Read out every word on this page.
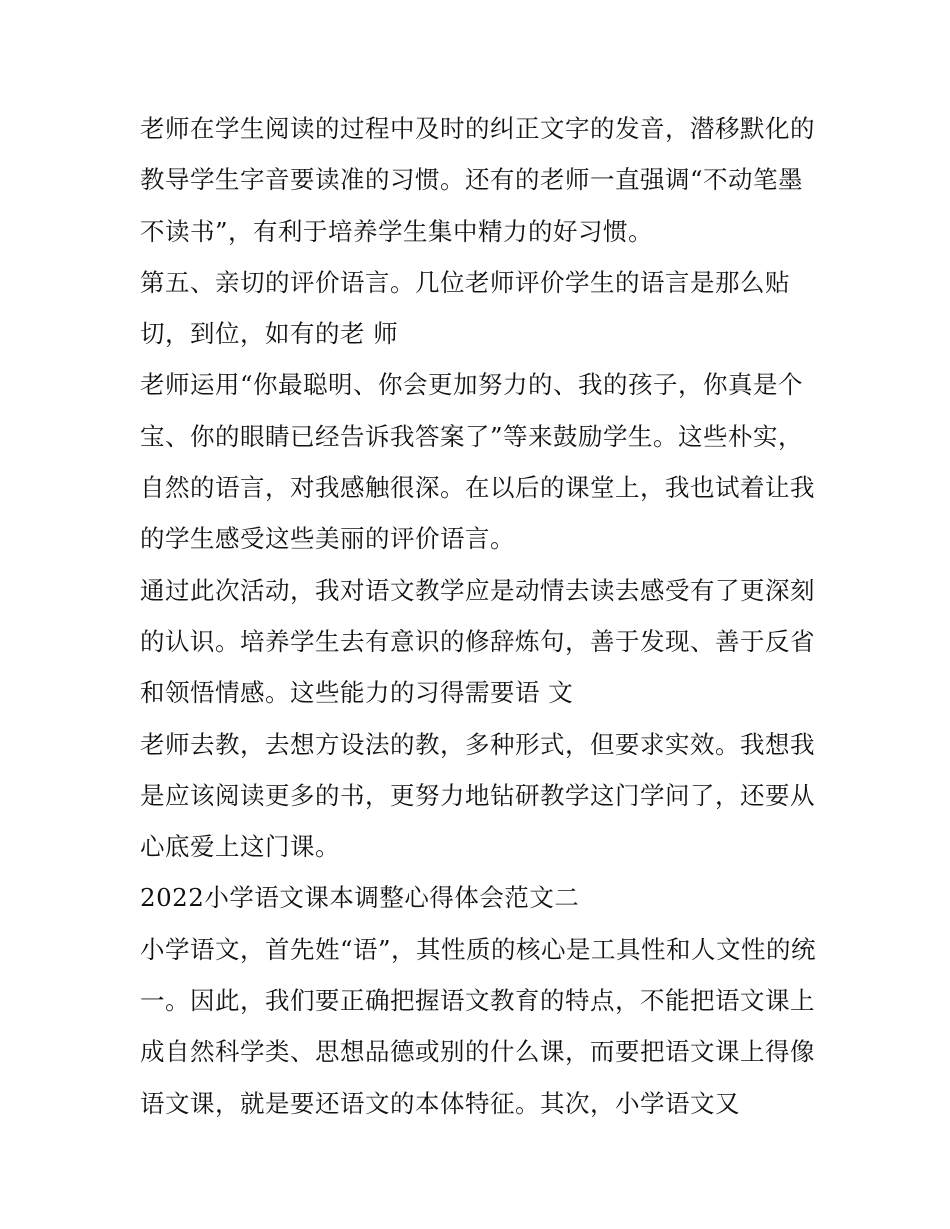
老师在学生阅读的过程中及时的纠正文字的发音，潜移默化的
教导学生字音要读准的习惯。还有的老师一直强调“不动笔墨
不读书”，有利于培养学生集中精力的好习惯。
第五、亲切的评价语言。几位老师评价学生的语言是那么贴
切，到位，如有的老 师
老师运用“你最聪明、你会更加努力的、我的孩子，你真是个
宝、你的眼睛已经告诉我答案了”等来鼓励学生。这些朴实，
自然的语言，对我感触很深。在以后的课堂上，我也试着让我
的学生感受这些美丽的评价语言。
通过此次活动，我对语文教学应是动情去读去感受有了更深刻
的认识。培养学生去有意识的修辞炼句，善于发现、善于反省
和领悟情感。这些能力的习得需要语 文
老师去教，去想方设法的教，多种形式，但要求实效。我想我
是应该阅读更多的书，更努力地钻研教学这门学问了，还要从
心底爱上这门课。
2022小学语文课本调整心得体会范文二
小学语文，首先姓“语”，其性质的核心是工具性和人文性的统
一。因此，我们要正确把握语文教育的特点，不能把语文课上
成自然科学类、思想品德或别的什么课，而要把语文课上得像
语文课，就是要还语文的本体特征。其次，小学语文又
